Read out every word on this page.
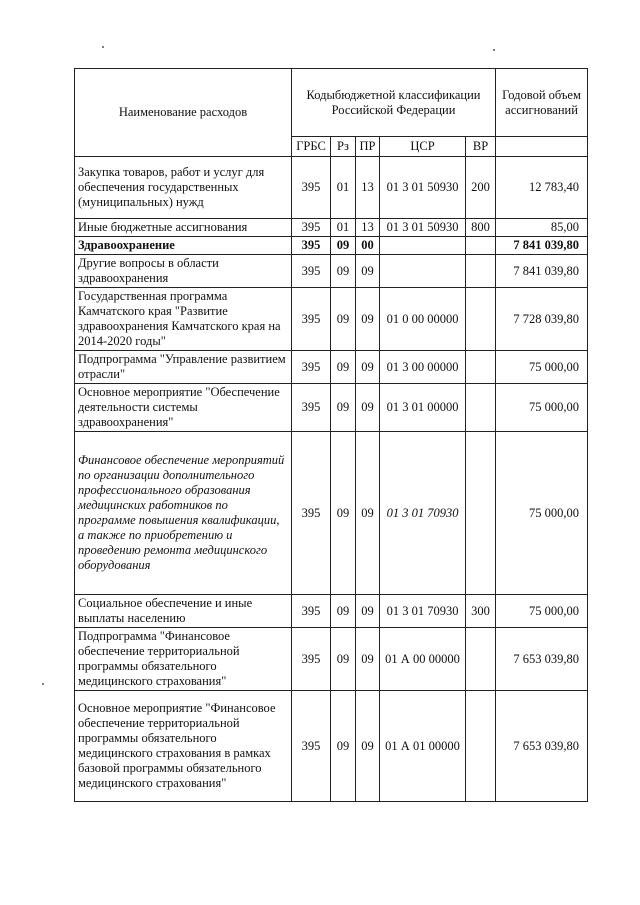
Наименование расходов	Кодыбюджетной классификации Российской Федерации					Годовой объем ассигнований
	ГРБС	Рз	ПР	ЦСР	ВР	
Закупка товаров, работ и услуг для обеспечения государственных (муниципальных) нужд	395	01	13	01 3 01 50930	200	12 783,40
Иные бюджетные ассигнования	395	01	13	01 3 01 50930	800	85,00
Здравоохранение	395	09	00			7 841 039,80
Другие вопросы в области здравоохранения	395	09	09			7 841 039,80
Государственная программа Камчатского края "Развитие здравоохранения Камчатского края на 2014-2020 годы"	395	09	09	01 0 00 00000		7 728 039,80
Подпрограмма "Управление развитием отрасли"	395	09	09	01 3 00 00000		75 000,00
Основное мероприятие "Обеспечение деятельности системы здравоохранения"	395	09	09	01 3 01 00000		75 000,00
Финансовое обеспечение мероприятий по организации дополнительного профессионального образования медицинских работников по программе повышения квалификации, а также по приобретению и проведению ремонта медицинского оборудования	395	09	09	01 3 01 70930		75 000,00
Социальное обеспечение и иные выплаты населению	395	09	09	01 3 01 70930	300	75 000,00
Подпрограмма "Финансовое обеспечение территориальной программы обязательного медицинского страхования"	395	09	09	01 А 00 00000		7 653 039,80
Основное мероприятие "Финансовое обеспечение территориальной программы обязательного медицинского страхования в рамках базовой программы обязательного медицинского страхования"	395	09	09	01 А 01 00000		7 653 039,80
